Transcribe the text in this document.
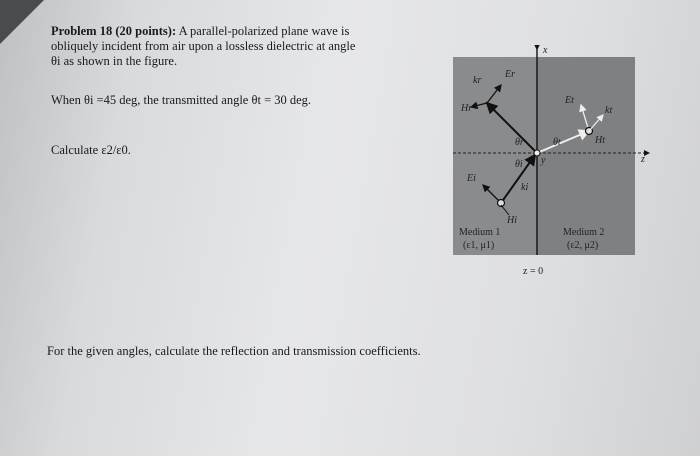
Problem 18 (20 points): A parallel-polarized plane wave is
obliquely incident from air upon a lossless dielectric at angle
θi as shown in the figure.
When θi =45 deg, the transmitted angle θt = 30 deg.
Calculate ε2/ε0.
For the given angles, calculate the reflection and transmission coefficients.
x
z
z = 0
Medium 1
(ε1, μ1)
Medium 2
(ε2, μ2)
kr
Er
Hr
θr
θi y
ki
Ei
Hi
Et
kt
Ht
θt
